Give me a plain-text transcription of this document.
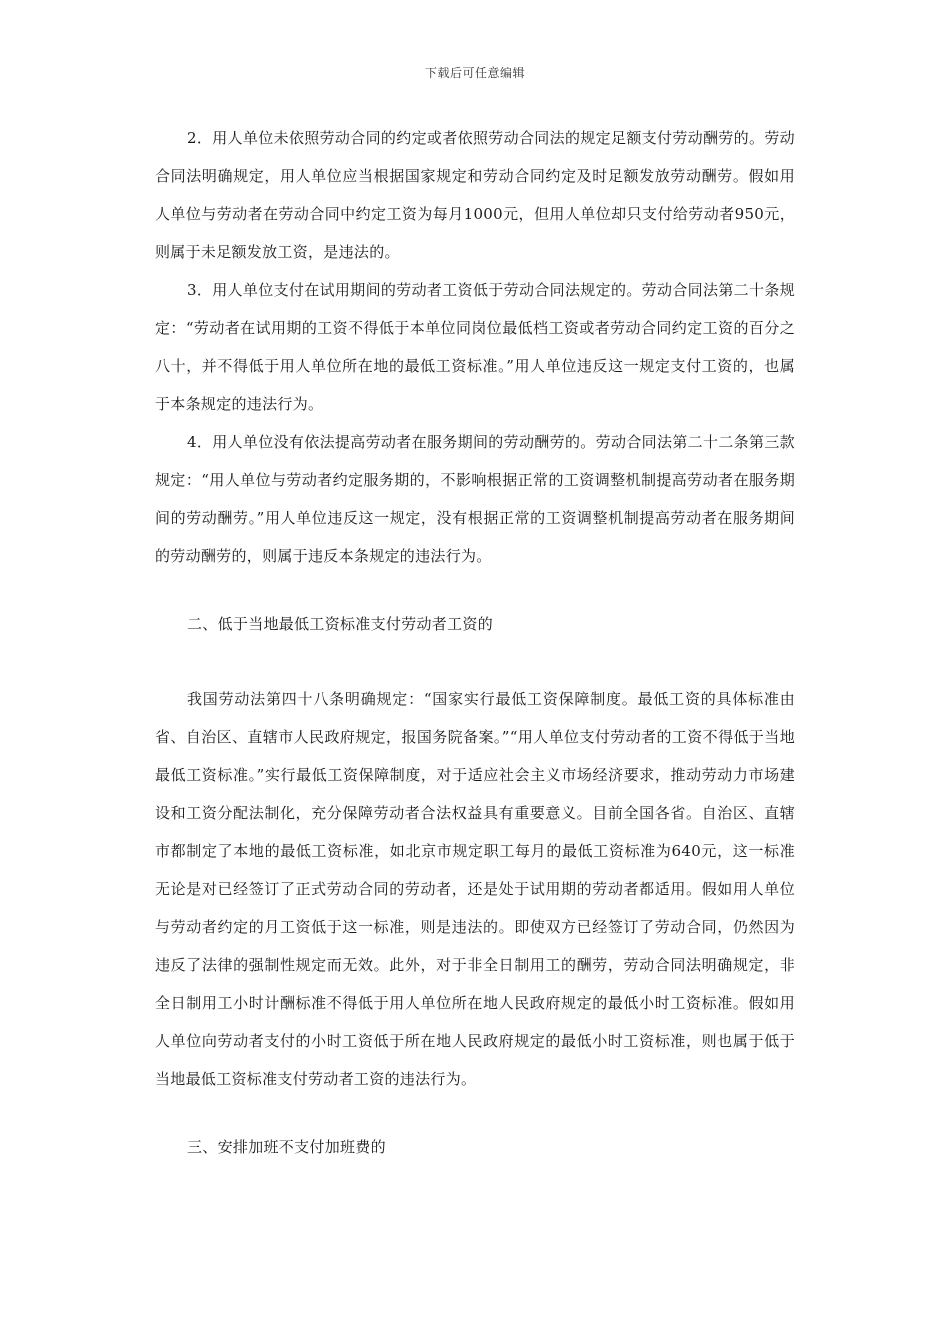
下载后可任意编辑

2．用人单位未依照劳动合同的约定或者依照劳动合同法的规定足额支付劳动酬劳的。劳动合同法明确规定，用人单位应当根据国家规定和劳动合同约定及时足额发放劳动酬劳。假如用人单位与劳动者在劳动合同中约定工资为每月1000元，但用人单位却只支付给劳动者950元，则属于未足额发放工资，是违法的。

3．用人单位支付在试用期间的劳动者工资低于劳动合同法规定的。劳动合同法第二十条规定：“劳动者在试用期的工资不得低于本单位同岗位最低档工资或者劳动合同约定工资的百分之八十，并不得低于用人单位所在地的最低工资标准。”用人单位违反这一规定支付工资的，也属于本条规定的违法行为。

4．用人单位没有依法提高劳动者在服务期间的劳动酬劳的。劳动合同法第二十二条第三款规定：“用人单位与劳动者约定服务期的，不影响根据正常的工资调整机制提高劳动者在服务期间的劳动酬劳。”用人单位违反这一规定，没有根据正常的工资调整机制提高劳动者在服务期间的劳动酬劳的，则属于违反本条规定的违法行为。

二、低于当地最低工资标准支付劳动者工资的

我国劳动法第四十八条明确规定：“国家实行最低工资保障制度。最低工资的具体标准由省、自治区、直辖市人民政府规定，报国务院备案。”“用人单位支付劳动者的工资不得低于当地最低工资标准。”实行最低工资保障制度，对于适应社会主义市场经济要求，推动劳动力市场建设和工资分配法制化，充分保障劳动者合法权益具有重要意义。目前全国各省。自治区、直辖市都制定了本地的最低工资标准，如北京市规定职工每月的最低工资标准为640元，这一标准无论是对已经签订了正式劳动合同的劳动者，还是处于试用期的劳动者都适用。假如用人单位与劳动者约定的月工资低于这一标准，则是违法的。即使双方已经签订了劳动合同，仍然因为违反了法律的强制性规定而无效。此外，对于非全日制用工的酬劳，劳动合同法明确规定，非全日制用工小时计酬标准不得低于用人单位所在地人民政府规定的最低小时工资标准。假如用人单位向劳动者支付的小时工资低于所在地人民政府规定的最低小时工资标准，则也属于低于当地最低工资标准支付劳动者工资的违法行为。

三、安排加班不支付加班费的
